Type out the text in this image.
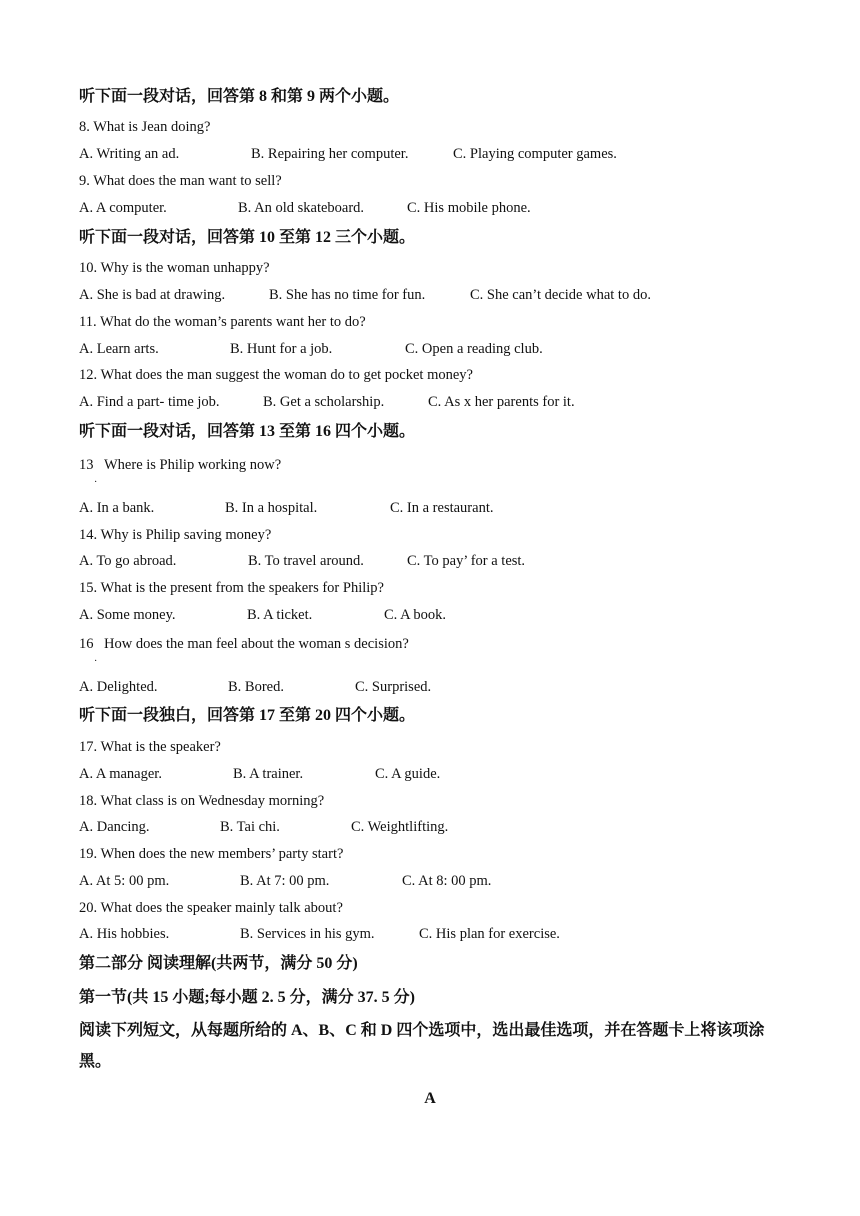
听下面一段对话，回答第 8 和第 9 两个小题。
8. What is Jean doing?
A. Writing an ad.	B. Repairing her computer.	C. Playing computer games.
9. What does the man want to sell?
A. A computer.	B. An old skateboard.	C. His mobile phone.
听下面一段对话，回答第 10 至第 12 三个小题。
10. Why is the woman unhappy?
A. She is bad at drawing.	B. She has no time for fun.	C. She can’t decide what to do.
11. What do the woman’s parents want her to do?
A. Learn arts.	B. Hunt for a job.	C. Open a reading club.
12. What does the man suggest the woman do to get pocket money?
A. Find a part- time job.	B. Get a scholarship.	C. As x her parents for it.
听下面一段对话，回答第 13 至第 16 四个小题。
13 Where is Philip working now?
·
A. In a bank.	B. In a hospital.	C. In a restaurant.
14. Why is Philip saving money?
A. To go abroad.	B. To travel around.	C. To pay’ for a test.
15. What is the present from the speakers for Philip?
A. Some money.	B. A ticket.	C. A book.
16 How does the man feel about the woman s decision?
·
A. Delighted.	B. Bored.	C. Surprised.
听下面一段独白，回答第 17 至第 20 四个小题。
17. What is the speaker?
A. A manager.	B. A trainer.	C. A guide.
18. What class is on Wednesday morning?
A. Dancing.	B. Tai chi.	C. Weightlifting.
19. When does the new members’ party start?
A. At 5: 00 pm.	B. At 7: 00 pm.	C. At 8: 00 pm.
20. What does the speaker mainly talk about?
A. His hobbies.	B. Services in his gym.	C. His plan for exercise.
第二部分 阅读理解(共两节，满分 50 分)
第一节(共 15 小题;每小题 2. 5 分，满分 37. 5 分)
阅读下列短文，从每题所给的 A、B、C 和 D 四个选项中，选出最佳选项，并在答题卡上将该项涂黑。
A
